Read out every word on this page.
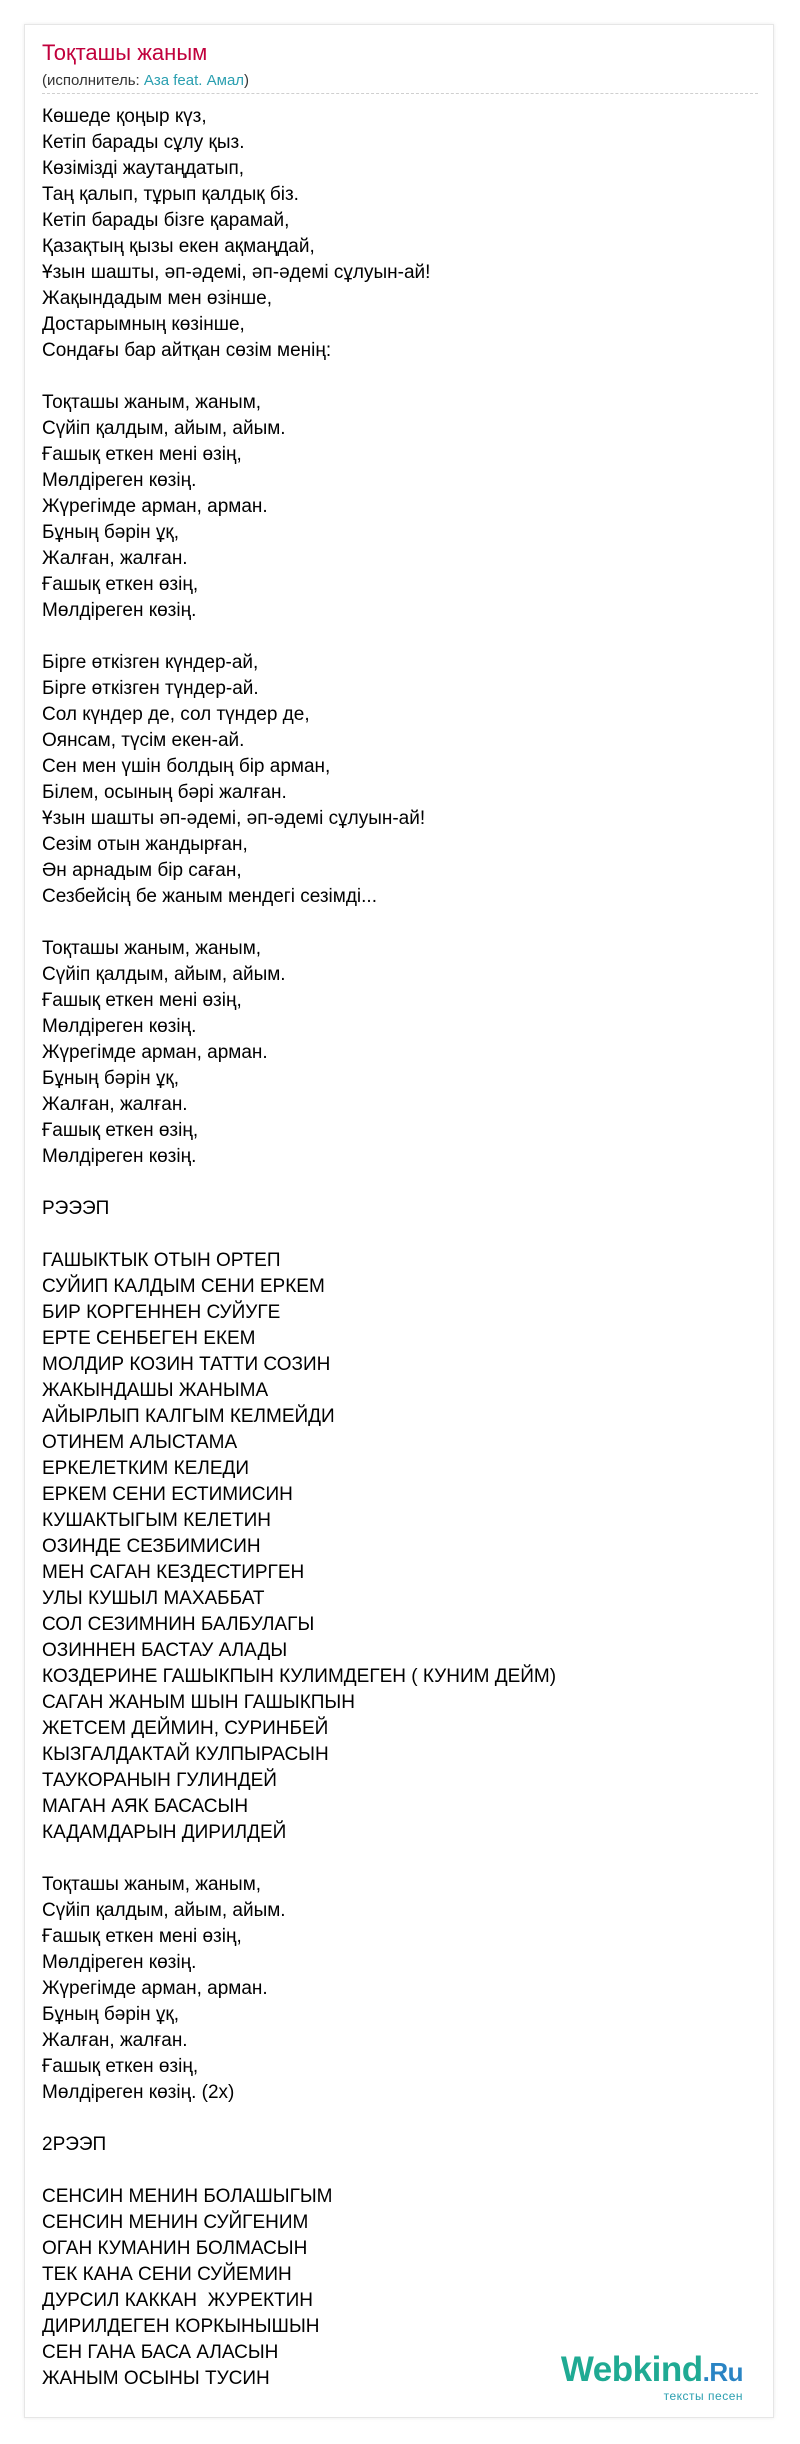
Тоқташы жаным
(исполнитель: Аза feat. Амал)
Көшеде қоңыр күз,
Кетіп барады сұлу қыз.
Көзімізді жаутаңдатып,
Таң қалып, тұрып қалдық біз.
Кетіп барады бізге қарамай,
Қазақтың қызы екен ақмаңдай,
Ұзын шашты, әп-әдемі, әп-әдемі сұлуын-ай!
Жақындадым мен өзінше,
Достарымның көзінше,
Сондағы бар айтқан сөзім менің:
Тоқташы жаным, жаным,
Сүйіп қалдым, айым, айым.
Ғашық еткен мені өзің,
Мөлдіреген көзің.
Жүрегімде арман, арман.
Бұның бәрін ұқ,
Жалған, жалған.
Ғашық еткен өзің,
Мөлдіреген көзің.
Бірге өткізген күндер-ай,
Бірге өткізген түндер-ай.
Сол күндер де, сол түндер де,
Оянсам, түсім екен-ай.
Сен мен үшін болдың бір арман,
Білем, осының бәрі жалған.
Ұзын шашты әп-әдемі, әп-әдемі сұлуын-ай!
Сезім отын жандырған,
Ән арнадым бір саған,
Сезбейсің бе жаным мендегі сезімді...
Тоқташы жаным, жаным,
Сүйіп қалдым, айым, айым.
Ғашық еткен мені өзің,
Мөлдіреген көзің.
Жүрегімде арман, арман.
Бұның бәрін ұқ,
Жалған, жалған.
Ғашық еткен өзің,
Мөлдіреген көзің.
РЭЭЭП
ГАШЫКТЫК ОТЫН ОРТЕП
СУЙИП КАЛДЫМ СЕНИ ЕРКЕМ
БИР КОРГЕННЕН СУЙУГЕ
ЕРТЕ СЕНБЕГЕН ЕКЕМ
МОЛДИР КОЗИН ТАТТИ СОЗИН
ЖАКЫНДАШЫ ЖАНЫМА
АЙЫРЛЫП КАЛГЫМ КЕЛМЕЙДИ
ОТИНЕМ АЛЫСТАМА
ЕРКЕЛЕТКИМ КЕЛЕДИ
ЕРКЕМ СЕНИ ЕСТИМИСИН
КУШАКТЫГЫМ КЕЛЕТИН
ОЗИНДЕ СЕЗБИМИСИН
МЕН САГАН КЕЗДЕСТИРГЕН
УЛЫ КУШЫЛ МАХАББАТ
СОЛ СЕЗИМНИН БАЛБУЛАГЫ
ОЗИННЕН БАСТАУ АЛАДЫ
КОЗДЕРИНЕ ГАШЫКПЫН КУЛИМДЕГЕН ( КУНИМ ДЕЙМ)
САГАН ЖАНЫМ ШЫН ГАШЫКПЫН
ЖЕТСЕМ ДЕЙМИН, СУРИНБЕЙ
КЫЗГАЛДАКТАЙ КУЛПЫРАСЫН
ТАУКОРАНЫН ГУЛИНДЕЙ
МАГАН АЯК БАСАСЫН
КАДАМДАРЫН ДИРИЛДЕЙ
Тоқташы жаным, жаным,
Сүйіп қалдым, айым, айым.
Ғашық еткен мені өзің,
Мөлдіреген көзің.
Жүрегімде арман, арман.
Бұның бәрін ұқ,
Жалған, жалған.
Ғашық еткен өзің,
Мөлдіреген көзің. (2х)
2РЭЭП
СЕНСИН МЕНИН БОЛАШЫГЫМ
СЕНСИН МЕНИН СУЙГЕНИМ
ОГАН КУМАНИН БОЛМАСЫН
ТЕК КАНА СЕНИ СУЙЕМИН
ДУРСИЛ КАККАН  ЖУРЕКТИН
ДИРИЛДЕГЕН КОРКЫНЫШЫН
СЕН ГАНА БАСА АЛАСЫН
ЖАНЫМ ОСЫНЫ ТУСИН	Webkind.Ru
тексты песен
